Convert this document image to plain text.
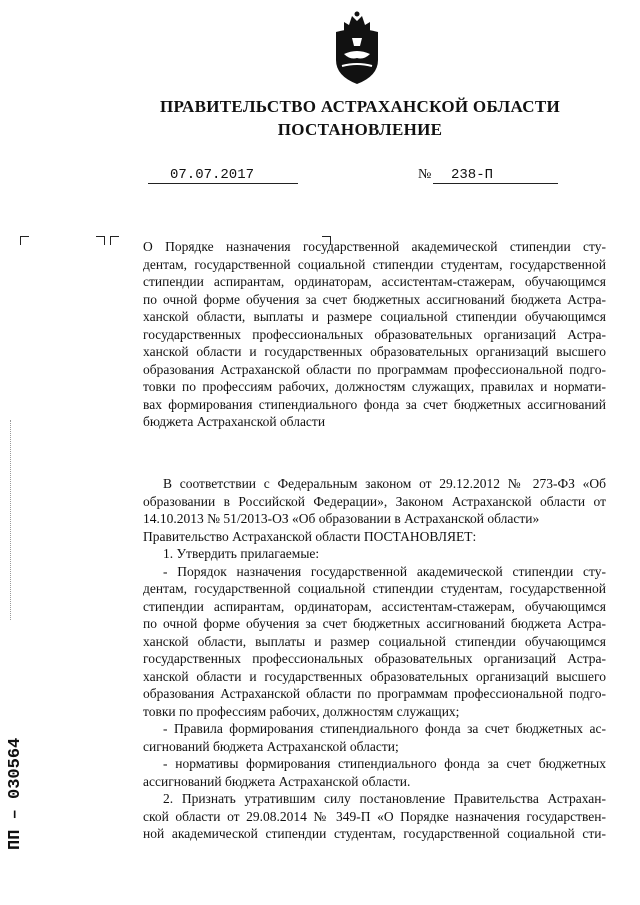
ПРАВИТЕЛЬСТВО АСТРАХАНСКОЙ ОБЛАСТИ
ПОСТАНОВЛЕНИЕ
07.07.2017	№	238-П
О Порядке назначения государственной академической стипендии сту-
дентам, государственной социальной стипендии студентам, государственной
стипендии аспирантам, ординаторам, ассистентам-стажерам, обучающимся
по очной форме обучения за счет бюджетных ассигнований бюджета Астра-
ханской области, выплаты и размере социальной стипендии обучающимся
государственных профессиональных образовательных организаций Астра-
ханской области и государственных образовательных организаций высшего
образования Астраханской области по программам профессиональной подго-
товки по профессиям рабочих, должностям служащих, правилах и нормати-
вах формирования стипендиального фонда за счет бюджетных ассигнований
бюджета Астраханской области
В соответствии с Федеральным законом от 29.12.2012 № 273-ФЗ «Об
образовании в Российской Федерации», Законом Астраханской области от
14.10.2013 № 51/2013-ОЗ «Об образовании в Астраханской области»
Правительство Астраханской области ПОСТАНОВЛЯЕТ:
1. Утвердить прилагаемые:
- Порядок назначения государственной академической стипендии сту-
дентам, государственной социальной стипендии студентам, государственной
стипендии аспирантам, ординаторам, ассистентам-стажерам, обучающимся
по очной форме обучения за счет бюджетных ассигнований бюджета Астра-
ханской области, выплаты и размер социальной стипендии обучающимся
государственных профессиональных образовательных организаций Астра-
ханской области и государственных образовательных организаций высшего
образования Астраханской области по программам профессиональной подго-
товки по профессиям рабочих, должностям служащих;
- Правила формирования стипендиального фонда за счет бюджетных ас-
сигнований бюджета Астраханской области;
- нормативы формирования стипендиального фонда за счет бюджетных
ассигнований бюджета Астраханской области.
2. Признать утратившим силу постановление Правительства Астрахан-
ской области от 29.08.2014 № 349-П «О Порядке назначения государствен-
ной академической стипендии студентам, государственной социальной сти-
ПП – 030564
